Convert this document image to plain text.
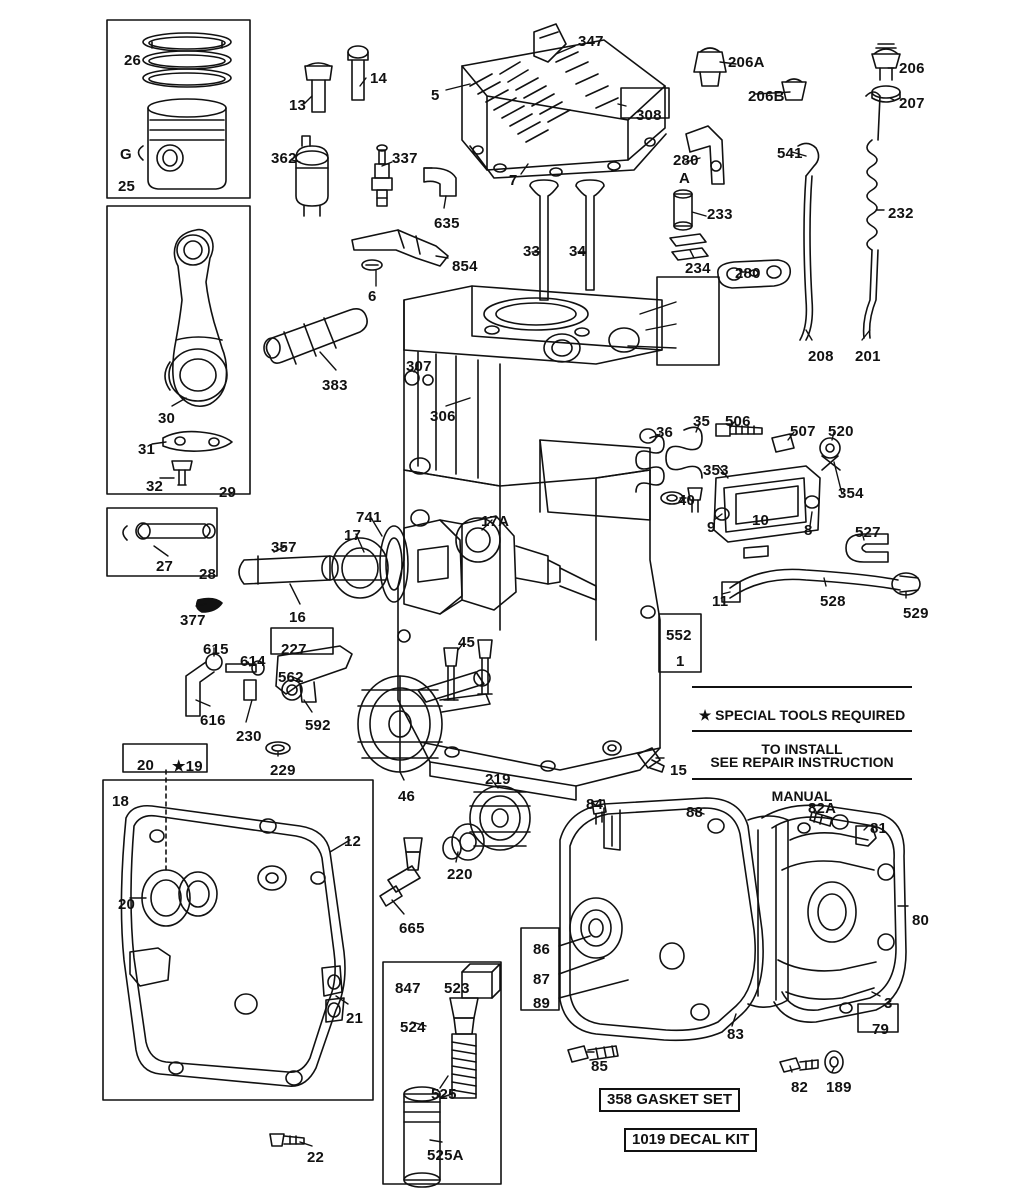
358 GASKET SET
1019 DECAL KIT

★ SPECIAL TOOLS REQUIRED

TO INSTALL

SEE REPAIR INSTRUCTION

MANUAL

26
G
25
13
14
5
347
308
7
206A
206B
206
207
541
232
280
A
362	337
635
854
6
233
234 280
33 34
208 201
307
306
383
30
31
32	29
27 28
377
357
16
17
741	17A
36
35 506
507 520
353
354
40
9 10
8	527
11	528
529
552
1
615
614
616
230
227
562
592
229
45
46
15
219
220
665
20 ★19
18
12
20
21
22
84	88	82A
81
80
86
87
89
83
3
79
85
82 189
847 523
524
525
525A
